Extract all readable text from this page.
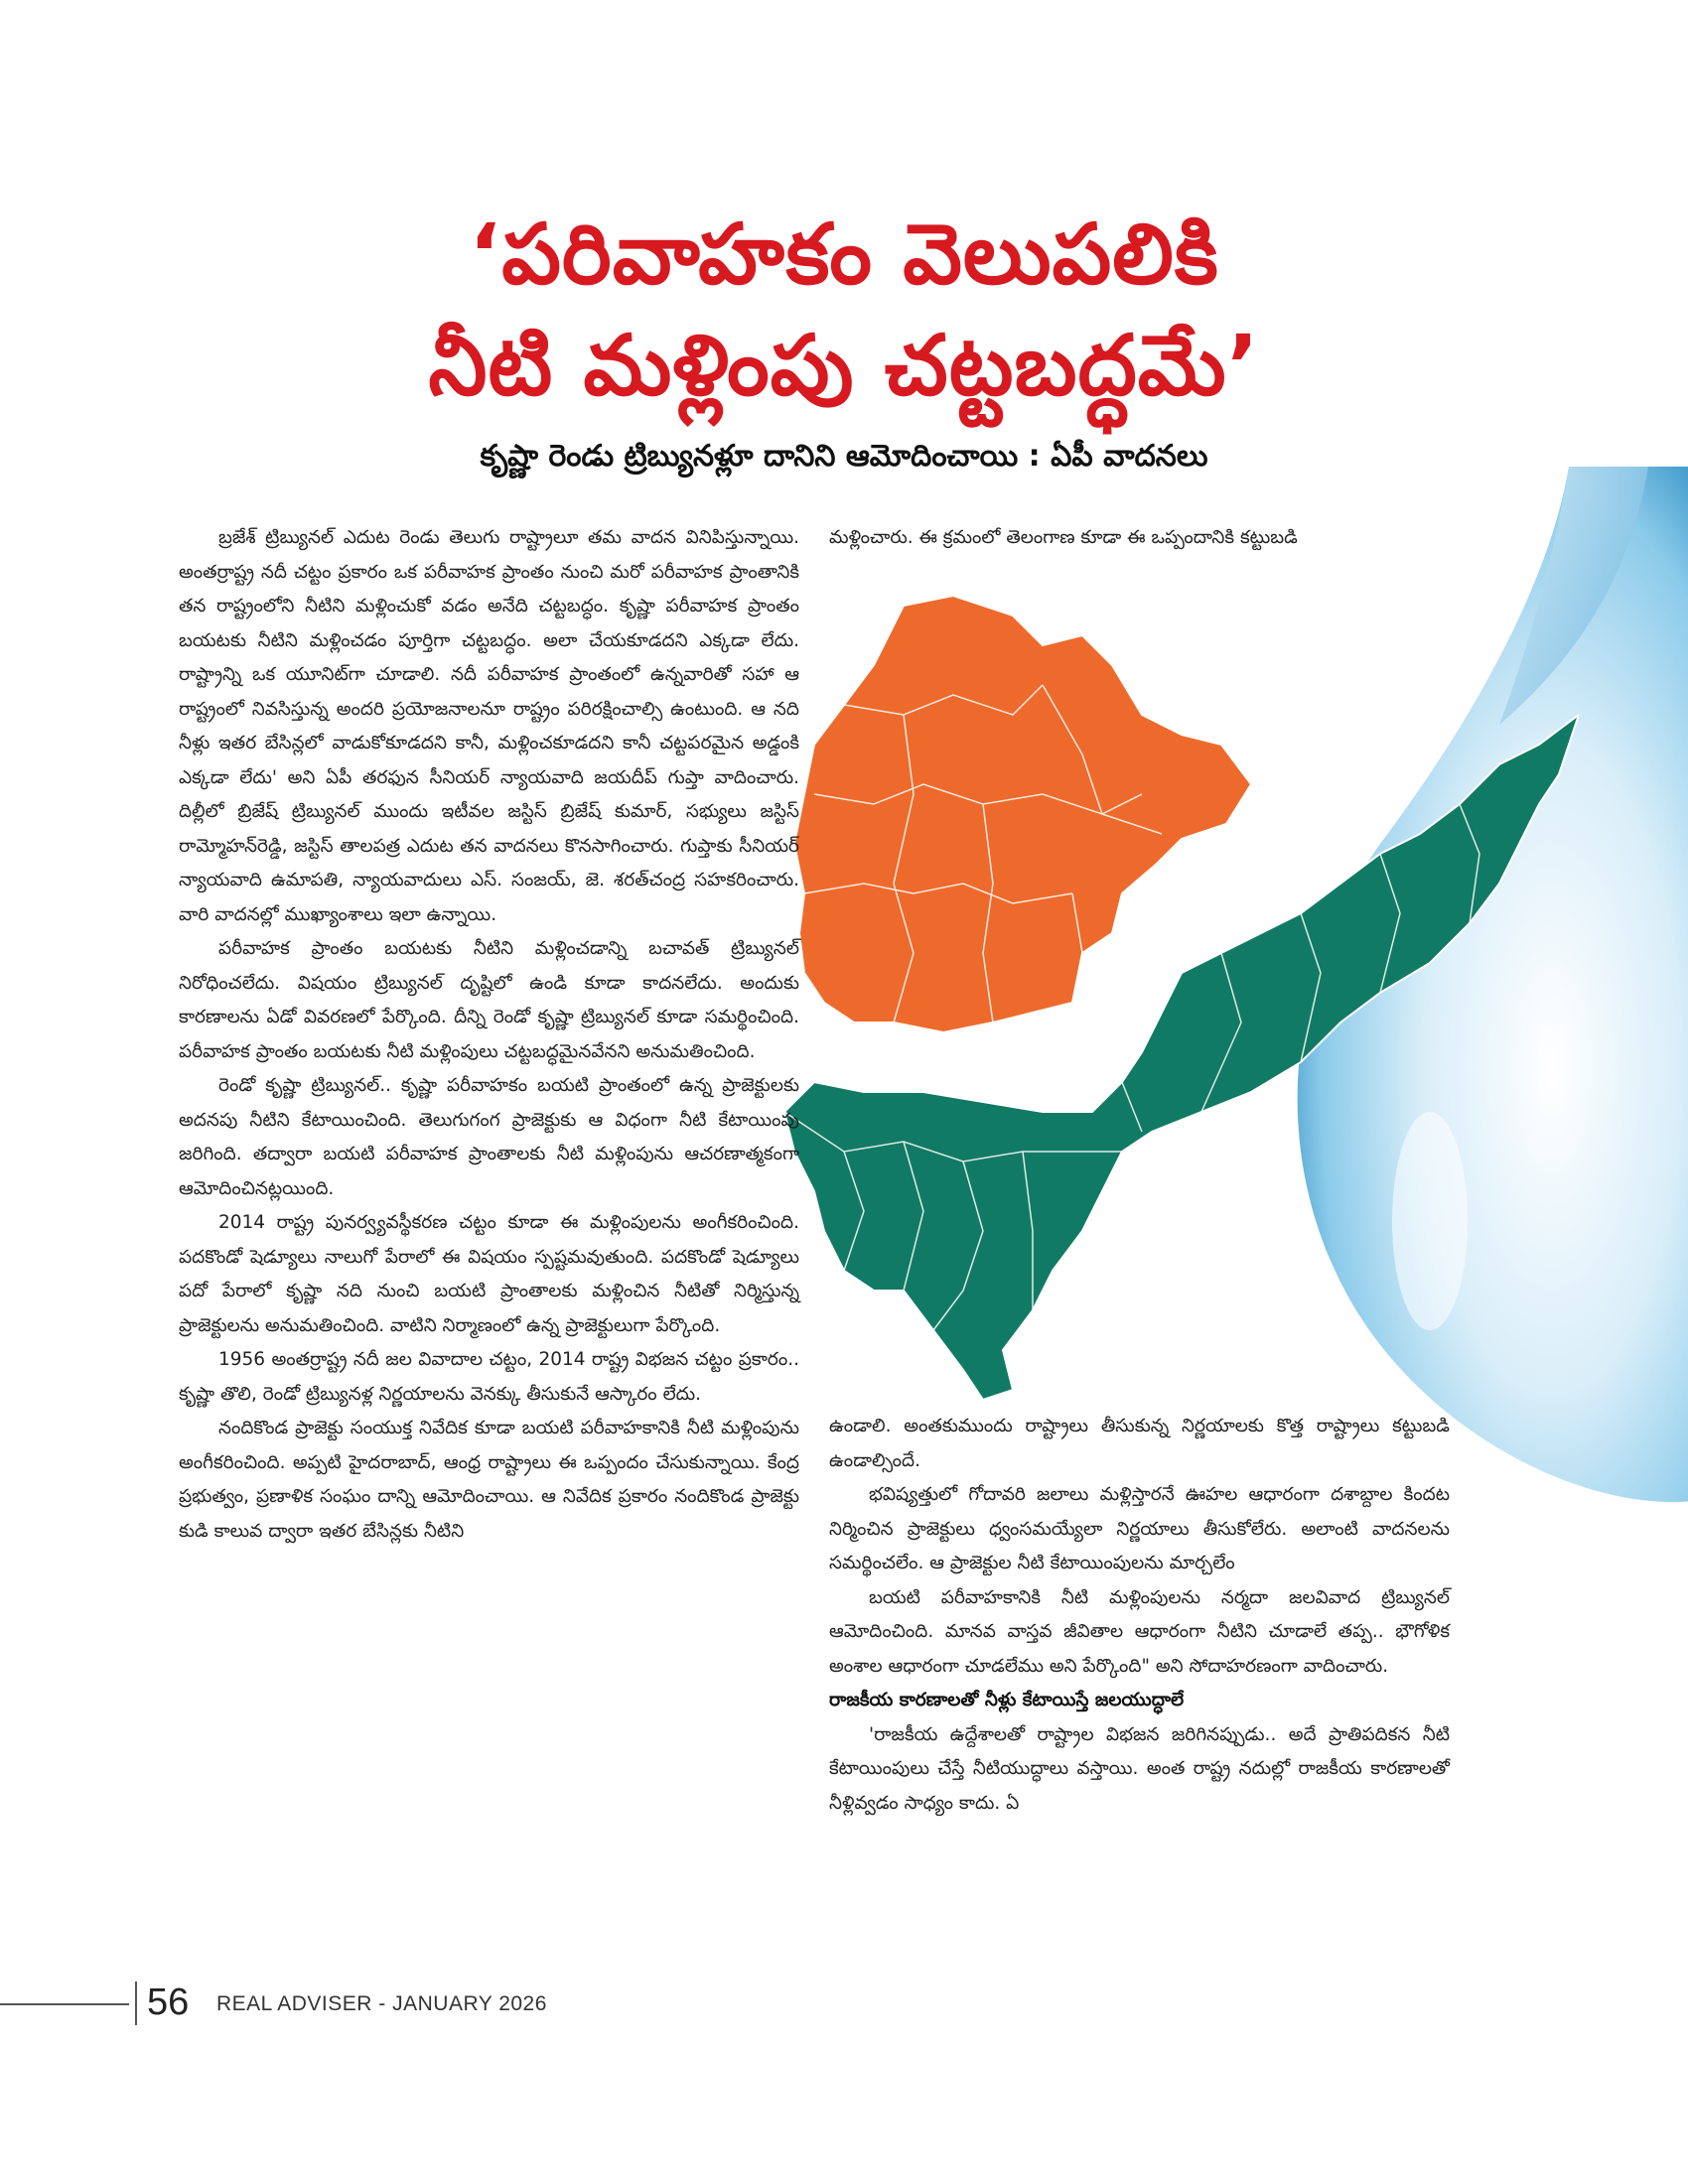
‘పరివాహకం వెలుపలికి
నీటి మళ్లింపు చట్టబద్ధమే’
కృష్ణా రెండు ట్రిబ్యునళ్లూ దానిని ఆమోదించాయి : ఏపీ వాదనలు

బ్రజేశ్ ట్రిబ్యునల్ ఎదుట రెండు తెలుగు రాష్ట్రాలూ తమ వాదన వినిపిస్తున్నాయి. అంతర్రాష్ట్ర నదీ చట్టం ప్రకారం ఒక పరీవాహక ప్రాంతం నుంచి మరో పరీవాహక ప్రాంతానికి తన రాష్ట్రంలోని నీటిని మళ్లించుకో వడం అనేది చట్టబద్ధం. కృష్ణా పరీవాహక ప్రాంతం బయటకు నీటిని మళ్లించడం పూర్తిగా చట్టబద్ధం. అలా చేయకూడదని ఎక్కడా లేదు. రాష్ట్రాన్ని ఒక యూనిట్‌గా చూడాలి. నదీ పరీవాహక ప్రాంతంలో ఉన్నవారితో సహా ఆ రాష్ట్రంలో నివసిస్తున్న అందరి ప్రయోజనాలనూ రాష్ట్రం పరిరక్షించాల్సి ఉంటుంది. ఆ నది నీళ్లు ఇతర బేసిన్లలో వాడుకోకూడదని కానీ, మళ్లించకూడదని కానీ చట్టపరమైన అడ్డంకి ఎక్కడా లేదు' అని ఏపీ తరఫున సీనియర్ న్యాయవాది జయదీప్ గుప్తా వాదించారు. దిల్లీలో బ్రిజేష్ ట్రిబ్యునల్ ముందు ఇటీవల జస్టిస్ బ్రిజేష్ కుమార్, సభ్యులు జస్టిస్ రామ్మోహన్‌రెడ్డి, జస్టిస్ తాలపత్ర ఎదుట తన వాదనలు కొనసాగించారు. గుప్తాకు సీనియర్ న్యాయవాది ఉమాపతి, న్యాయవాదులు ఎస్. సంజయ్, జె. శరత్‌చంద్ర సహకరించారు. వారి వాదనల్లో ముఖ్యాంశాలు ఇలా ఉన్నాయి.

పరీవాహక ప్రాంతం బయటకు నీటిని మళ్లించడాన్ని బచావత్ ట్రిబ్యునల్ నిరోధించలేదు. విషయం ట్రిబ్యునల్ దృష్టిలో ఉండి కూడా కాదనలేదు. అందుకు కారణాలను ఏడో వివరణలో పేర్కొంది. దీన్ని రెండో కృష్ణా ట్రిబ్యునల్ కూడా సమర్థించింది. పరీవాహక ప్రాంతం బయటకు నీటి మళ్లింపులు చట్టబద్ధమైనవేనని అనుమతించింది.

రెండో కృష్ణా ట్రిబ్యునల్.. కృష్ణా పరీవాహకం బయటి ప్రాంతంలో ఉన్న ప్రాజెక్టులకు అదనపు నీటిని కేటాయించింది. తెలుగుగంగ ప్రాజెక్టుకు ఆ విధంగా నీటి కేటాయింపు జరిగింది. తద్వారా బయటి పరీవాహక ప్రాంతాలకు నీటి మళ్లింపును ఆచరణాత్మకంగా ఆమోదించినట్లయింది.

2014 రాష్ట్ర పునర్వ్యవస్థీకరణ చట్టం కూడా ఈ మళ్లింపులను అంగీకరించింది. పదకొండో షెడ్యూలు నాలుగో పేరాలో ఈ విషయం స్పష్టమవుతుంది. పదకొండో షెడ్యూలు పదో పేరాలో కృష్ణా నది నుంచి బయటి ప్రాంతాలకు మళ్లించిన నీటితో నిర్మిస్తున్న ప్రాజెక్టులను అనుమతించింది. వాటిని నిర్మాణంలో ఉన్న ప్రాజెక్టులుగా పేర్కొంది.

1956 అంతర్రాష్ట్ర నదీ జల వివాదాల చట్టం, 2014 రాష్ట్ర విభజన చట్టం ప్రకారం.. కృష్ణా తొలి, రెండో ట్రిబ్యునళ్ల నిర్ణయాలను వెనక్కు తీసుకునే ఆస్కారం లేదు.

నందికొండ ప్రాజెక్టు సంయుక్త నివేదిక కూడా బయటి పరీవాహకానికి నీటి మళ్లింపును అంగీకరించింది. అప్పటి హైదరాబాద్, ఆంధ్ర రాష్ట్రాలు ఈ ఒప్పందం చేసుకున్నాయి. కేంద్ర ప్రభుత్వం, ప్రణాళిక సంఘం దాన్ని ఆమోదించాయి. ఆ నివేదిక ప్రకారం నందికొండ ప్రాజెక్టు కుడి కాలువ ద్వారా ఇతర బేసిన్లకు నీటిని

మళ్లించారు. ఈ క్రమంలో తెలంగాణ కూడా ఈ ఒప్పందానికి కట్టుబడి

ఉండాలి. అంతకుముందు రాష్ట్రాలు తీసుకున్న నిర్ణయాలకు కొత్త రాష్ట్రాలు కట్టుబడి ఉండాల్సిందే.

భవిష్యత్తులో గోదావరి జలాలు మళ్లిస్తారనే ఊహల ఆధారంగా దశాబ్దాల కిందట నిర్మించిన ప్రాజెక్టులు ధ్వంసమయ్యేలా నిర్ణయాలు తీసుకోలేరు. అలాంటి వాదనలను సమర్థించలేం. ఆ ప్రాజెక్టుల నీటి కేటాయింపులను మార్చలేం

బయటి పరీవాహకానికి నీటి మళ్లింపులను నర్మదా జలవివాద ట్రిబ్యునల్ ఆమోదించింది. మానవ వాస్తవ జీవితాల ఆధారంగా నీటిని చూడాలే తప్ప.. భౌగోళిక అంశాల ఆధారంగా చూడలేము అని పేర్కొంది" అని సోదాహరణంగా వాదించారు.

రాజకీయ కారణాలతో నీళ్లు కేటాయిస్తే జలయుద్ధాలే

'రాజకీయ ఉద్దేశాలతో రాష్ట్రాల విభజన జరిగినప్పుడు.. అదే ప్రాతిపదికన నీటి కేటాయింపులు చేస్తే నీటియుద్ధాలు వస్తాయి. అంత రాష్ట్ర నదుల్లో రాజకీయ కారణాలతో నీళ్లివ్వడం సాధ్యం కాదు. ఏ

56 REAL ADVISER - JANUARY 2026
